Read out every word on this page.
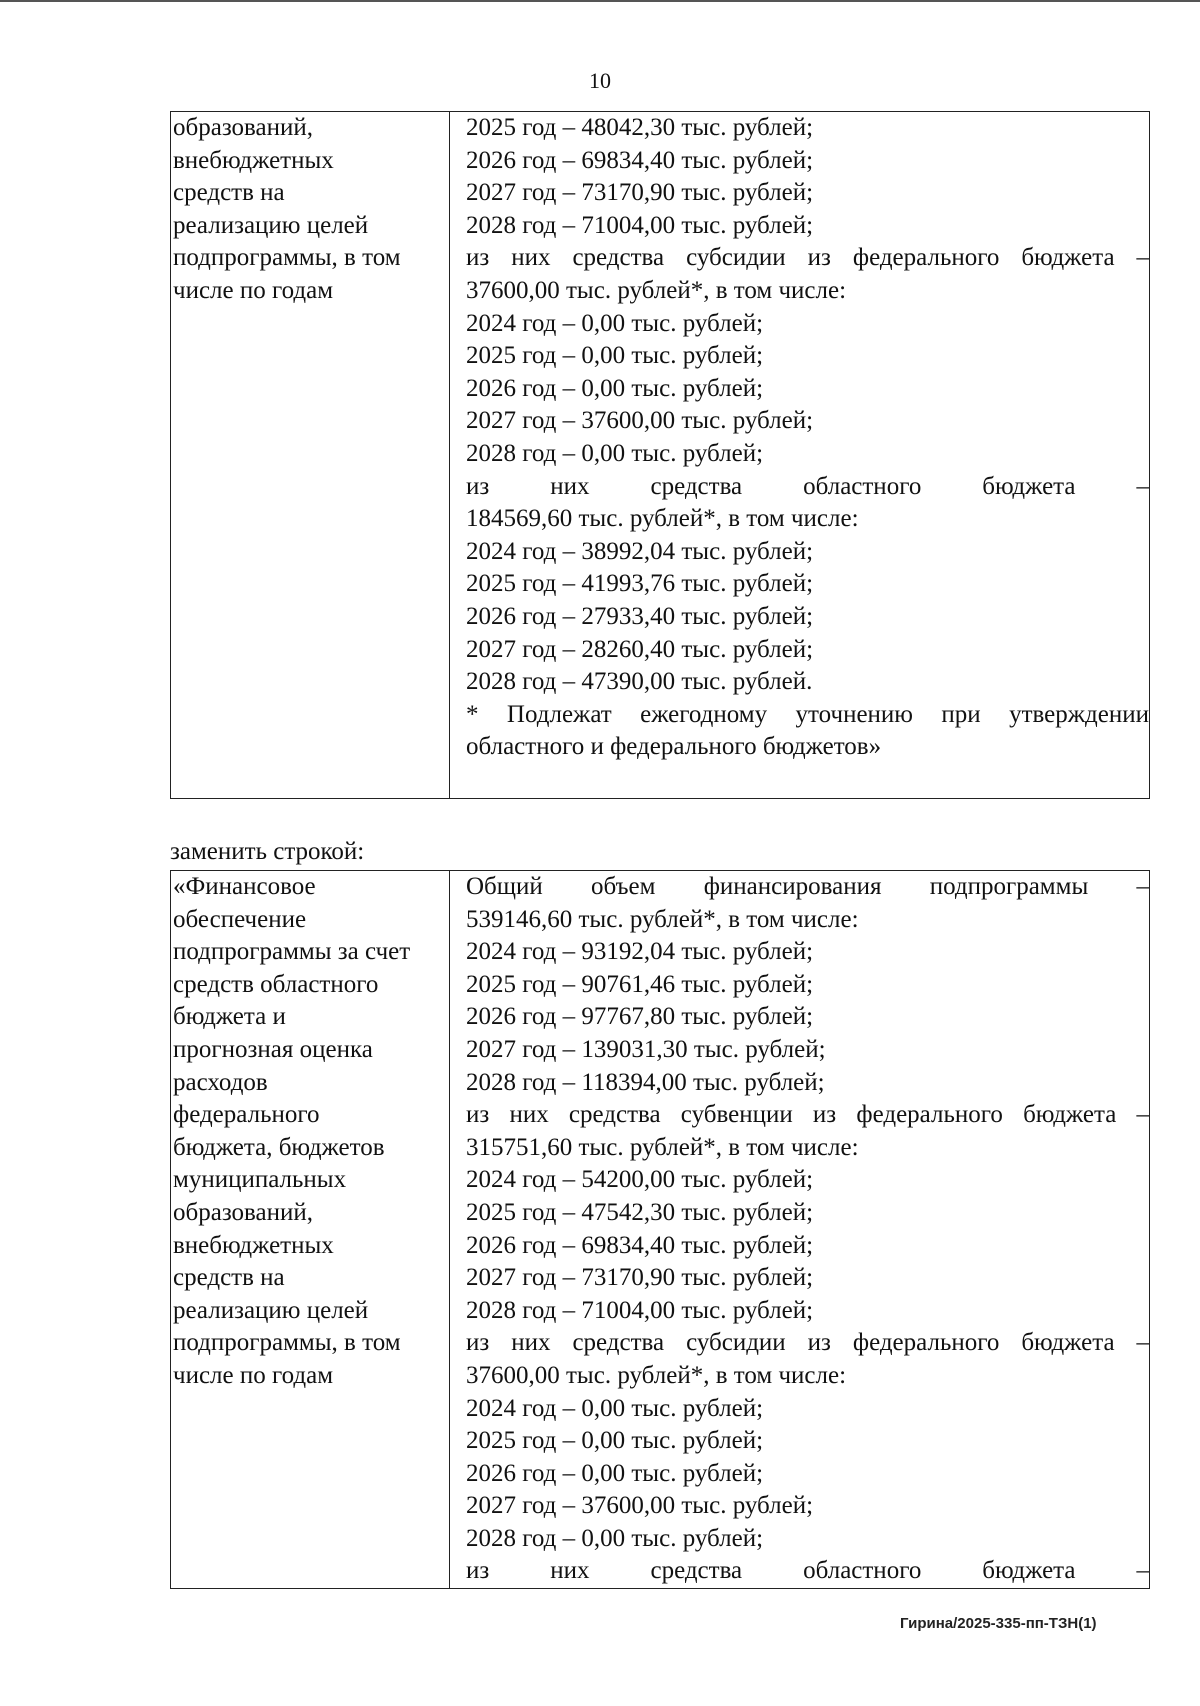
10
образований,
внебюджетных
средств на
реализацию целей
подпрограммы, в том
числе по годам

2025 год – 48042,30 тыс. рублей;
2026 год – 69834,40 тыс. рублей;
2027 год – 73170,90 тыс. рублей;
2028 год – 71004,00 тыс. рублей;
из них средства субсидии из федерального бюджета –
37600,00 тыс. рублей*, в том числе:
2024 год – 0,00 тыс. рублей;
2025 год – 0,00 тыс. рублей;
2026 год – 0,00 тыс. рублей;
2027 год – 37600,00 тыс. рублей;
2028 год – 0,00 тыс. рублей;
из них средства областного бюджета –
184569,60 тыс. рублей*, в том числе:
2024 год – 38992,04 тыс. рублей;
2025 год – 41993,76 тыс. рублей;
2026 год – 27933,40 тыс. рублей;
2027 год – 28260,40 тыс. рублей;
2028 год – 47390,00 тыс. рублей.
* Подлежат ежегодному уточнению при утверждении
областного и федерального бюджетов»
заменить строкой:
«Финансовое
обеспечение
подпрограммы за счет
средств областного
бюджета и
прогнозная оценка
расходов
федерального
бюджета, бюджетов
муниципальных
образований,
внебюджетных
средств на
реализацию целей
подпрограммы, в том
числе по годам

Общий объем финансирования подпрограммы –
539146,60 тыс. рублей*, в том числе:
2024 год – 93192,04 тыс. рублей;
2025 год – 90761,46 тыс. рублей;
2026 год – 97767,80 тыс. рублей;
2027 год – 139031,30 тыс. рублей;
2028 год – 118394,00 тыс. рублей;
из них средства субвенции из федерального бюджета –
315751,60 тыс. рублей*, в том числе:
2024 год – 54200,00 тыс. рублей;
2025 год – 47542,30 тыс. рублей;
2026 год – 69834,40 тыс. рублей;
2027 год – 73170,90 тыс. рублей;
2028 год – 71004,00 тыс. рублей;
из них средства субсидии из федерального бюджета –
37600,00 тыс. рублей*, в том числе:
2024 год – 0,00 тыс. рублей;
2025 год – 0,00 тыс. рублей;
2026 год – 0,00 тыс. рублей;
2027 год – 37600,00 тыс. рублей;
2028 год – 0,00 тыс. рублей;
из них средства областного бюджета –
Гирина/2025-335-пп-ТЗН(1)
